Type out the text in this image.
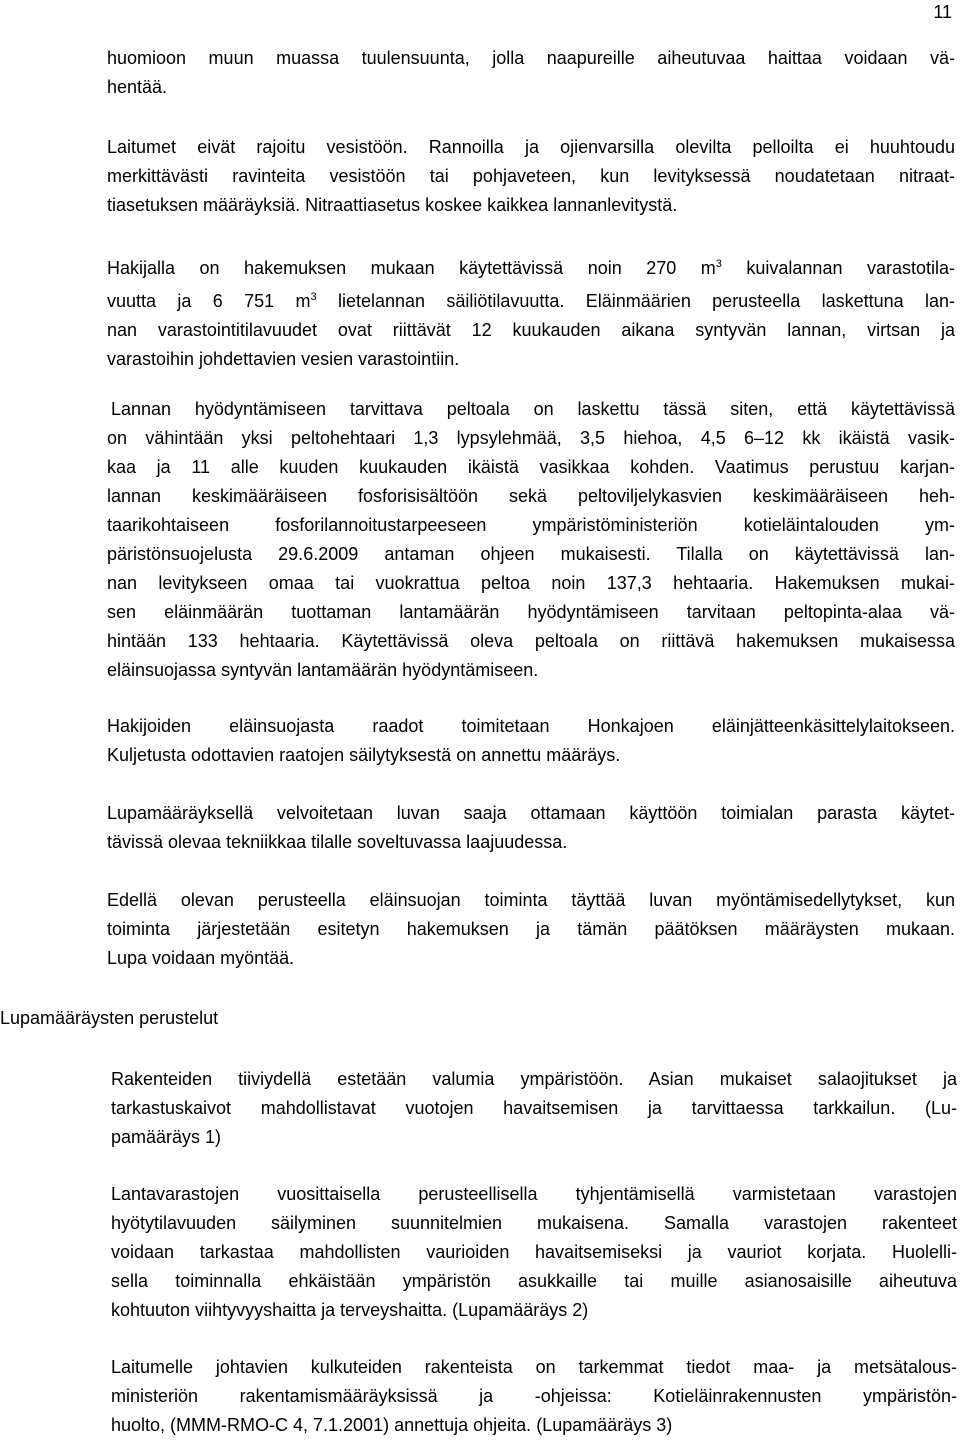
11
huomioon muun muassa tuulensuunta, jolla naapureille aiheutuvaa haittaa voidaan vä-
hentää.
Laitumet eivät rajoitu vesistöön. Rannoilla ja ojienvarsilla olevilta pelloilta ei huuhtoudu
merkittävästi ravinteita vesistöön tai pohjaveteen, kun levityksessä noudatetaan nitraat-
tiasetuksen määräyksiä. Nitraattiasetus koskee kaikkea lannanlevitystä.
Hakijalla on hakemuksen mukaan käytettävissä noin 270 $m^3$ kuivalannan varastotila-
vuutta ja 6 751 $m^3$ lietelannan säiliötilavuutta. Eläinmäärien perusteella laskettuna lan-
nan varastointitilavuudet ovat riittävät 12 kuukauden aikana syntyvän lannan, virtsan ja
varastoihin johdettavien vesien varastointiin.
Lannan hyödyntämiseen tarvittava peltoala on laskettu tässä siten, että käytettävissä
on vähintään yksi peltohehtaari 1,3 lypsylehmää, 3,5 hiehoa, 4,5 6–12 kk ikäistä vasik-
kaa ja 11 alle kuuden kuukauden ikäistä vasikkaa kohden. Vaatimus perustuu karjan-
lannan keskimääräiseen fosforisisältöön sekä peltoviljelykasvien keskimääräiseen heh-
taarikohtaiseen fosforilannoitustarpeeseen ympäristöministeriön kotieläintalouden ym-
päristönsuojelusta 29.6.2009 antaman ohjeen mukaisesti. Tilalla on käytettävissä lan-
nan levitykseen omaa tai vuokrattua peltoa noin 137,3 hehtaaria. Hakemuksen mukai-
sen eläinmäärän tuottaman lantamäärän hyödyntämiseen tarvitaan peltopinta-alaa vä-
hintään 133 hehtaaria. Käytettävissä oleva peltoala on riittävä hakemuksen mukaisessa
eläinsuojassa syntyvän lantamäärän hyödyntämiseen.
Hakijoiden eläinsuojasta raadot toimitetaan Honkajoen eläinjätteenkäsittelylaitokseen.
Kuljetusta odottavien raatojen säilytyksestä on annettu määräys.
Lupamääräyksellä velvoitetaan luvan saaja ottamaan käyttöön toimialan parasta käytet-
tävissä olevaa tekniikkaa tilalle soveltuvassa laajuudessa.
Edellä olevan perusteella eläinsuojan toiminta täyttää luvan myöntämisedellytykset, kun
toiminta järjestetään esitetyn hakemuksen ja tämän päätöksen määräysten mukaan.
Lupa voidaan myöntää.
Lupamääräysten perustelut
Rakenteiden tiiviydellä estetään valumia ympäristöön. Asian mukaiset salaojitukset ja
tarkastuskaivot mahdollistavat vuotojen havaitsemisen ja tarvittaessa tarkkailun. (Lu-
pamääräys 1)
Lantavarastojen vuosittaisella perusteellisella tyhjentämisellä varmistetaan varastojen
hyötytilavuuden säilyminen suunnitelmien mukaisena. Samalla varastojen rakenteet
voidaan tarkastaa mahdollisten vaurioiden havaitsemiseksi ja vauriot korjata. Huolelli-
sella toiminnalla ehkäistään ympäristön asukkaille tai muille asianosaisille aiheutuva
kohtuuton viihtyvyyshaitta ja terveyshaitta. (Lupamääräys 2)
Laitumelle johtavien kulkuteiden rakenteista on tarkemmat tiedot maa- ja metsätalous-
ministeriön rakentamismääräyksissä ja -ohjeissa: Kotieläinrakennusten ympäristön-
huolto, (MMM-RMO-C 4, 7.1.2001) annettuja ohjeita. (Lupamääräys 3)
